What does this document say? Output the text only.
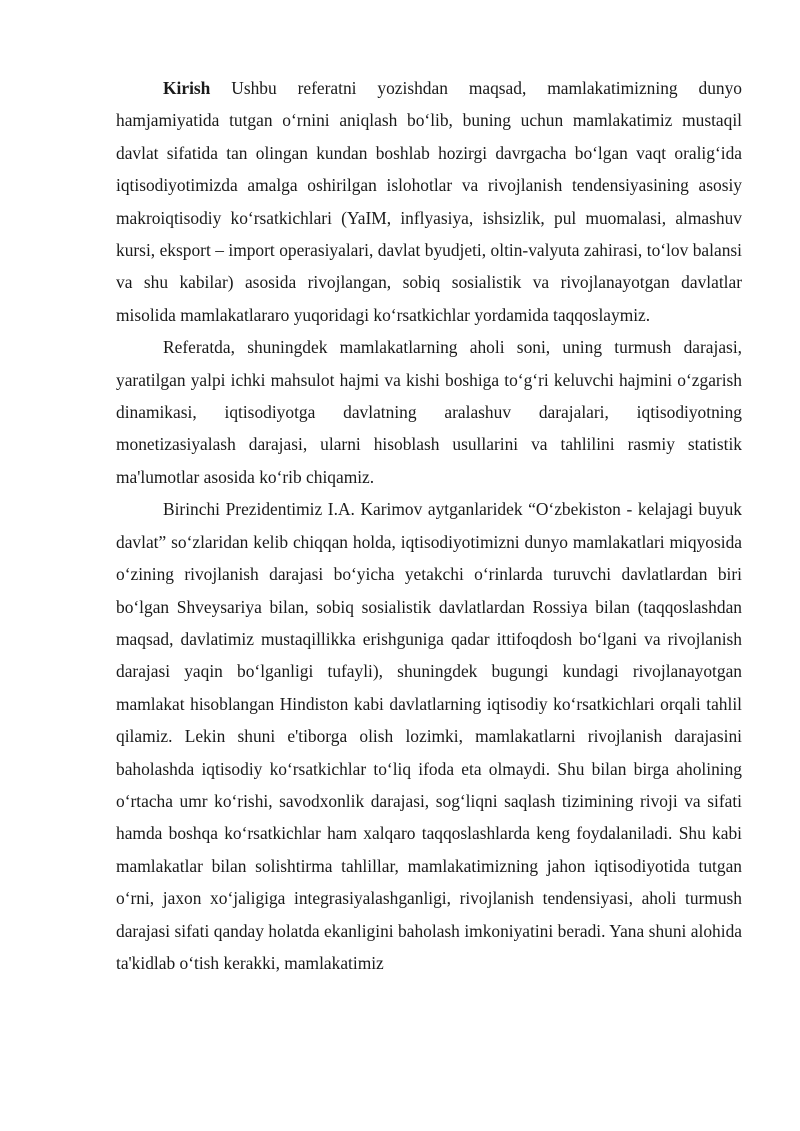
Kirish Ushbu referatni yozishdan maqsad, mamlakatimizning dunyo hamjamiyatida tutgan o‘rnini aniqlash bo‘lib, buning uchun mamlakatimiz mustaqil davlat sifatida tan olingan kundan boshlab hozirgi davrgacha bo‘lgan vaqt oralig‘ida iqtisodiyotimizda amalga oshirilgan islohotlar va rivojlanish tendensiyasining asosiy makroiqtisodiy ko‘rsatkichlari (YaIM, inflyasiya, ishsizlik, pul muomalasi, almashuv kursi, eksport – import operasiyalari, davlat byudjeti, oltin-valyuta zahirasi, to‘lov balansi va shu kabilar) asosida rivojlangan, sobiq sosialistik va rivojlanayotgan davlatlar misolida mamlakatlararo yuqoridagi ko‘rsatkichlar yordamida taqqoslaymiz.

Referatda, shuningdek mamlakatlarning aholi soni, uning turmush darajasi, yaratilgan yalpi ichki mahsulot hajmi va kishi boshiga to‘g‘ri keluvchi hajmini o‘zgarish dinamikasi, iqtisodiyotga davlatning aralashuv darajalari, iqtisodiyotning monetizasiyalash darajasi, ularni hisoblash usullarini va tahlilini rasmiy statistik ma'lumotlar asosida ko‘rib chiqamiz.

Birinchi Prezidentimiz I.A. Karimov aytganlaridek “O‘zbekiston - kelajagi buyuk davlat” so‘zlaridan kelib chiqqan holda, iqtisodiyotimizni dunyo mamlakatlari miqyosida o‘zining rivojlanish darajasi bo‘yicha yetakchi o‘rinlarda turuvchi davlatlardan biri bo‘lgan Shveysariya bilan, sobiq sosialistik davlatlardan Rossiya bilan (taqqoslashdan maqsad, davlatimiz mustaqillikka erishguniga qadar ittifoqdosh bo‘lgani va rivojlanish darajasi yaqin bo‘lganligi tufayli), shuningdek bugungi kundagi rivojlanayotgan mamlakat hisoblangan Hindiston kabi davlatlarning iqtisodiy ko‘rsatkichlari orqali tahlil qilamiz. Lekin shuni e'tiborga olish lozimki, mamlakatlarni rivojlanish darajasini baholashda iqtisodiy ko‘rsatkichlar to‘liq ifoda eta olmaydi. Shu bilan birga aholining o‘rtacha umr ko‘rishi, savodxonlik darajasi, sog‘liqni saqlash tizimining rivoji va sifati hamda boshqa ko‘rsatkichlar ham xalqaro taqqoslashlarda keng foydalaniladi. Shu kabi mamlakatlar bilan solishtirma tahlillar, mamlakatimizning jahon iqtisodiyotida tutgan o‘rni, jaxon xo‘jaligiga integrasiyalashganligi, rivojlanish tendensiyasi, aholi turmush darajasi sifati qanday holatda ekanligini baholash imkoniyatini beradi. Yana shuni alohida ta'kidlab o‘tish kerakki, mamlakatimiz
